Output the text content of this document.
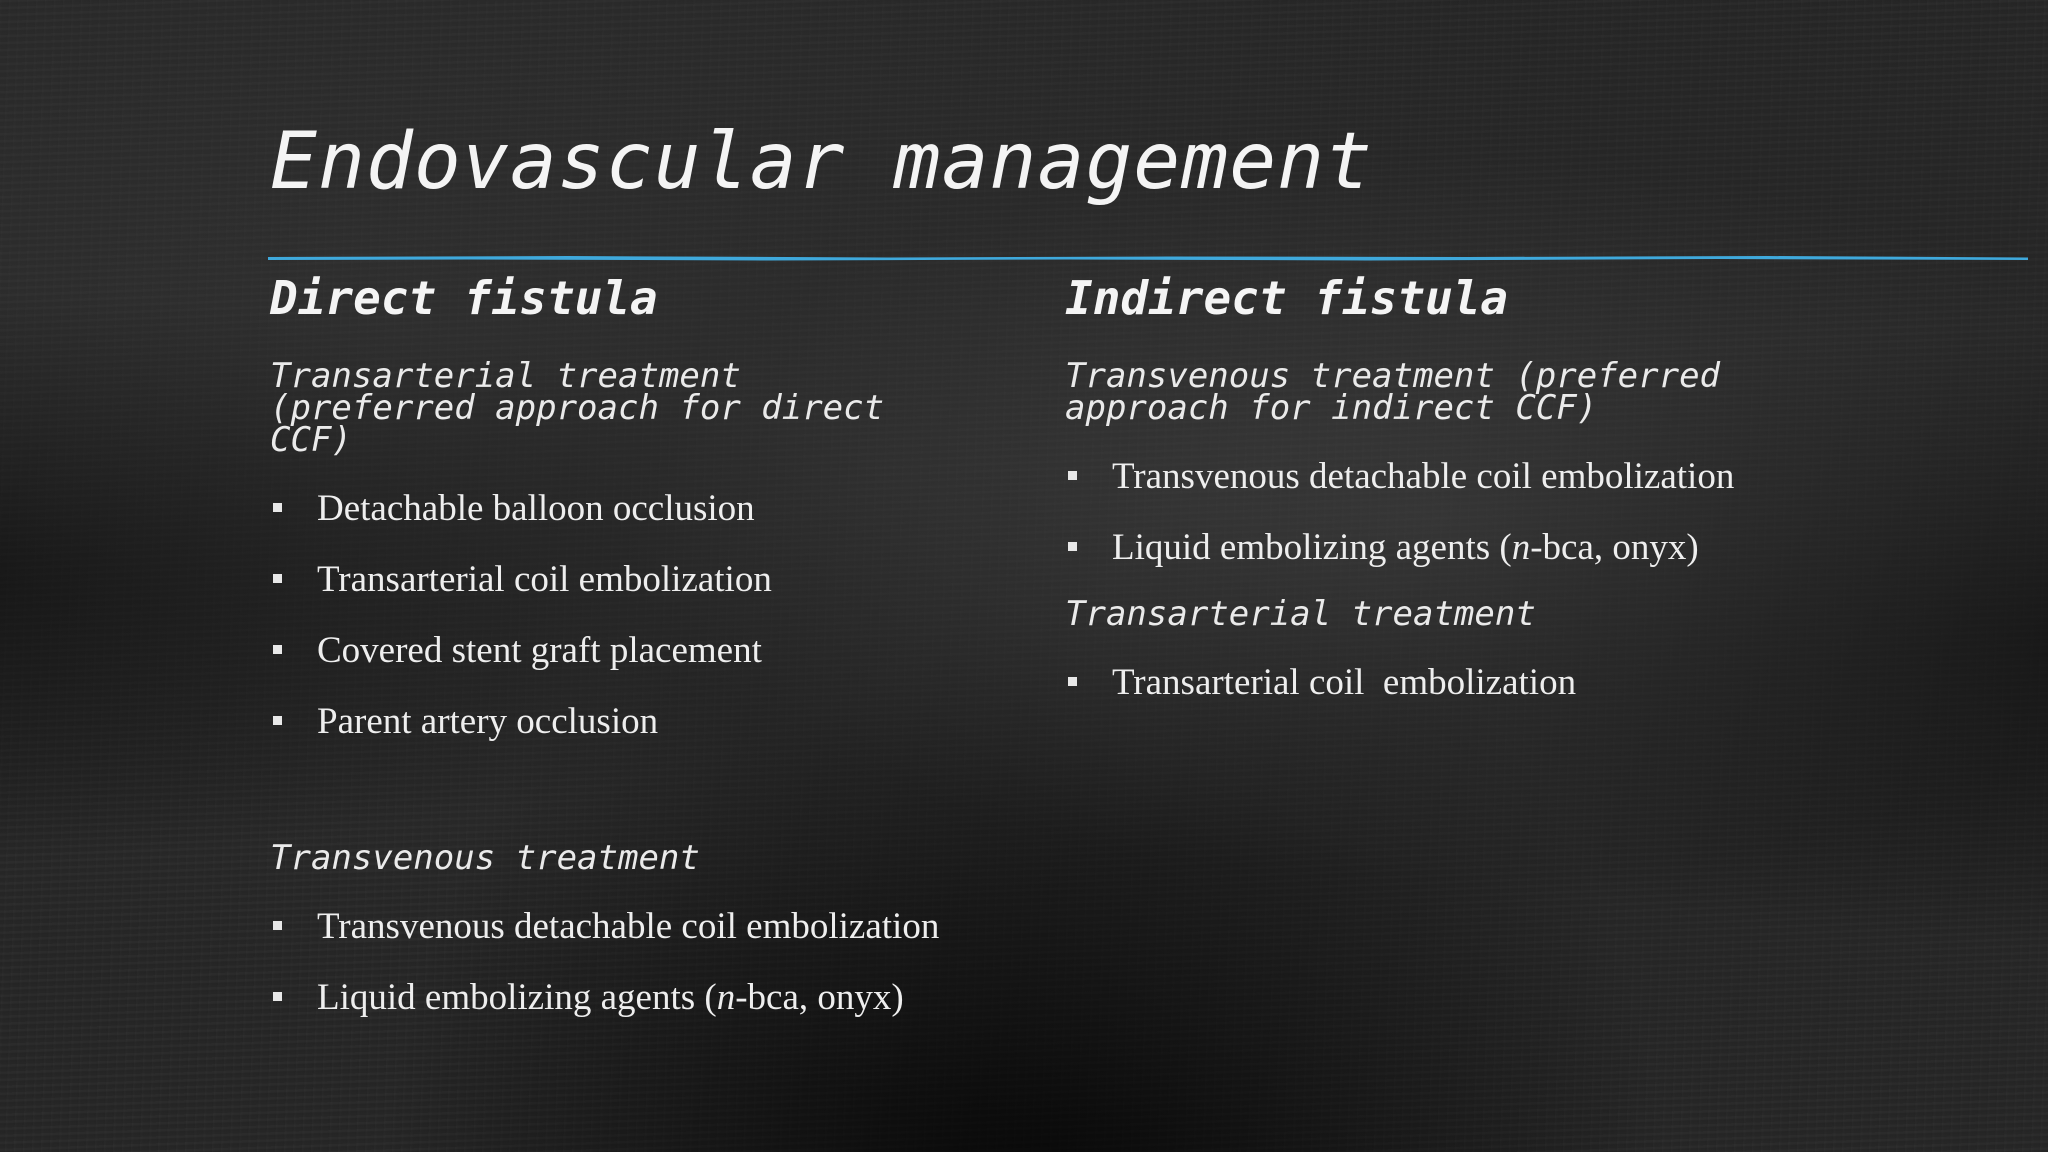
Endovascular management
Direct fistula

Transarterial treatment (preferred approach for direct CCF)

Detachable balloon occlusion
Transarterial coil embolization
Covered stent graft placement
Parent artery occlusion

Transvenous treatment

Transvenous detachable coil embolization
Liquid embolizing agents (n-bca, onyx)
Indirect fistula

Transvenous treatment (preferred approach for indirect CCF)

Transvenous detachable coil embolization
Liquid embolizing agents (n-bca, onyx)

Transarterial treatment

Transarterial coil  embolization
